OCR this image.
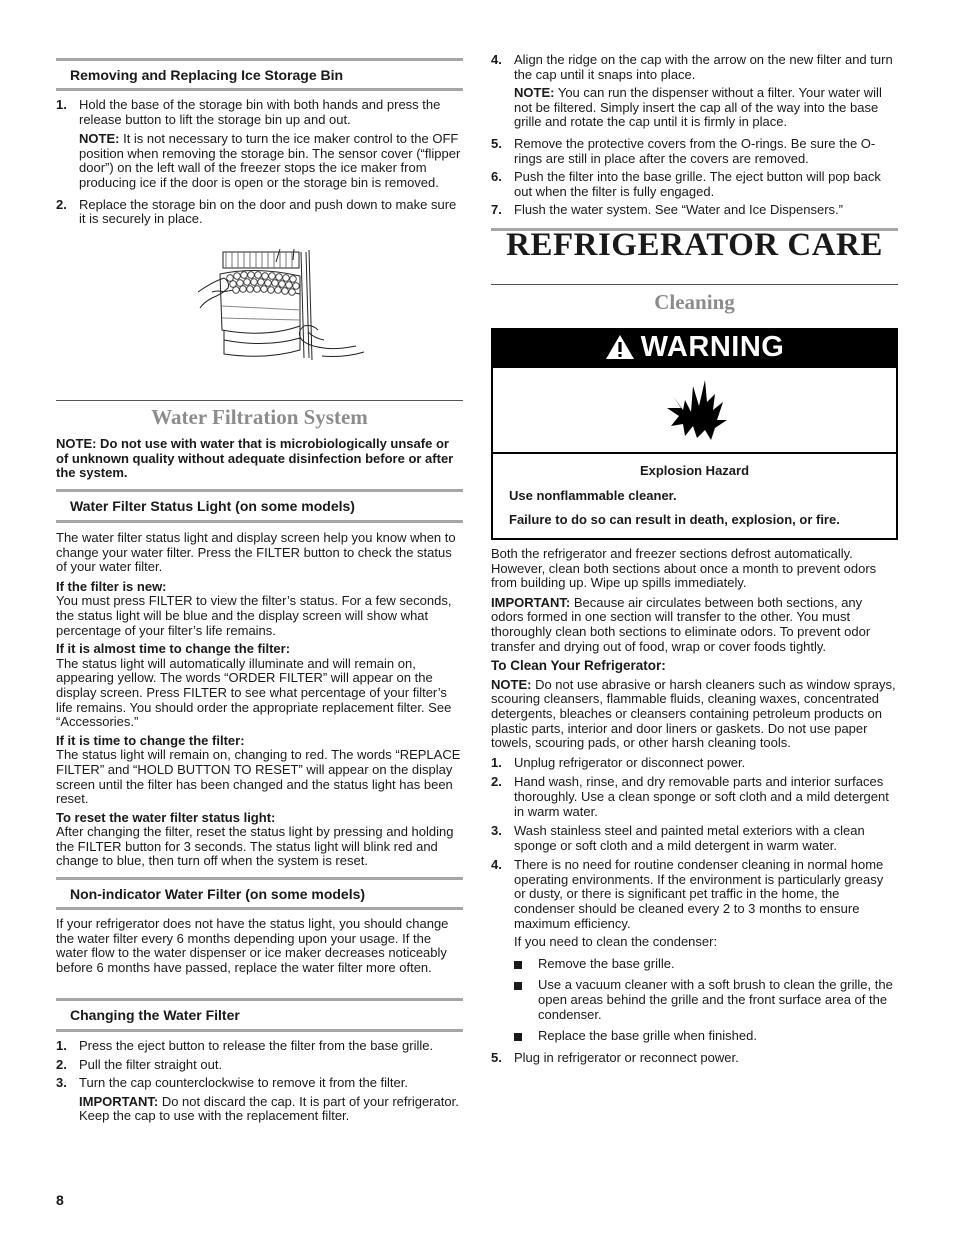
Removing and Replacing Ice Storage Bin
1. Hold the base of the storage bin with both hands and press the release button to lift the storage bin up and out.

NOTE: It is not necessary to turn the ice maker control to the OFF position when removing the storage bin. The sensor cover (“flipper door”) on the left wall of the freezer stops the ice maker from producing ice if the door is open or the storage bin is removed.

2. Replace the storage bin on the door and push down to make sure it is securely in place.

Water Filtration System

NOTE: Do not use with water that is microbiologically unsafe or of unknown quality without adequate disinfection before or after the system.

Water Filter Status Light (on some models)

The water filter status light and display screen help you know when to change your water filter. Press the FILTER button to check the status of your water filter.

If the filter is new:

You must press FILTER to view the filter’s status. For a few seconds, the status light will be blue and the display screen will show what percentage of your filter’s life remains.

If it is almost time to change the filter:

The status light will automatically illuminate and will remain on, appearing yellow. The words “ORDER FILTER” will appear on the display screen. Press FILTER to see what percentage of your filter’s life remains. You should order the appropriate replacement filter. See “Accessories.”

If it is time to change the filter:

The status light will remain on, changing to red. The words “REPLACE FILTER” and “HOLD BUTTON TO RESET” will appear on the display screen until the filter has been changed and the status light has been reset.

To reset the water filter status light:

After changing the filter, reset the status light by pressing and holding the FILTER button for 3 seconds. The status light will blink red and change to blue, then turn off when the system is reset.

Non-indicator Water Filter (on some models)

If your refrigerator does not have the status light, you should change the water filter every 6 months depending upon your usage. If the water flow to the water dispenser or ice maker decreases noticeably before 6 months have passed, replace the water filter more often.

Changing the Water Filter
1. Press the eject button to release the filter from the base grille.

2. Pull the filter straight out.

3. Turn the cap counterclockwise to remove it from the filter.

IMPORTANT: Do not discard the cap. It is part of your refrigerator. Keep the cap to use with the replacement filter.

4. Align the ridge on the cap with the arrow on the new filter and turn the cap until it snaps into place.

NOTE: You can run the dispenser without a filter. Your water will not be filtered. Simply insert the cap all of the way into the base grille and rotate the cap until it is firmly in place.

5. Remove the protective covers from the O-rings. Be sure the O-rings are still in place after the covers are removed.

6. Push the filter into the base grille. The eject button will pop back out when the filter is fully engaged.

7. Flush the water system. See “Water and Ice Dispensers.”

REFRIGERATOR CARE
Cleaning
WARNING
Explosion Hazard
Use nonflammable cleaner.
Failure to do so can result in death, explosion, or fire.

Both the refrigerator and freezer sections defrost automatically. However, clean both sections about once a month to prevent odors from building up. Wipe up spills immediately.

IMPORTANT: Because air circulates between both sections, any odors formed in one section will transfer to the other. You must thoroughly clean both sections to eliminate odors. To prevent odor transfer and drying out of food, wrap or cover foods tightly.

To Clean Your Refrigerator:

NOTE: Do not use abrasive or harsh cleaners such as window sprays, scouring cleansers, flammable fluids, cleaning waxes, concentrated detergents, bleaches or cleansers containing petroleum products on plastic parts, interior and door liners or gaskets. Do not use paper towels, scouring pads, or other harsh cleaning tools.

1. Unplug refrigerator or disconnect power.

2. Hand wash, rinse, and dry removable parts and interior surfaces thoroughly. Use a clean sponge or soft cloth and a mild detergent in warm water.

3. Wash stainless steel and painted metal exteriors with a clean sponge or soft cloth and a mild detergent in warm water.

4. There is no need for routine condenser cleaning in normal home operating environments. If the environment is particularly greasy or dusty, or there is significant pet traffic in the home, the condenser should be cleaned every 2 to 3 months to ensure maximum efficiency.

If you need to clean the condenser:

Remove the base grille.

Use a vacuum cleaner with a soft brush to clean the grille, the open areas behind the grille and the front surface area of the condenser.

Replace the base grille when finished.

5. Plug in refrigerator or reconnect power.

8
